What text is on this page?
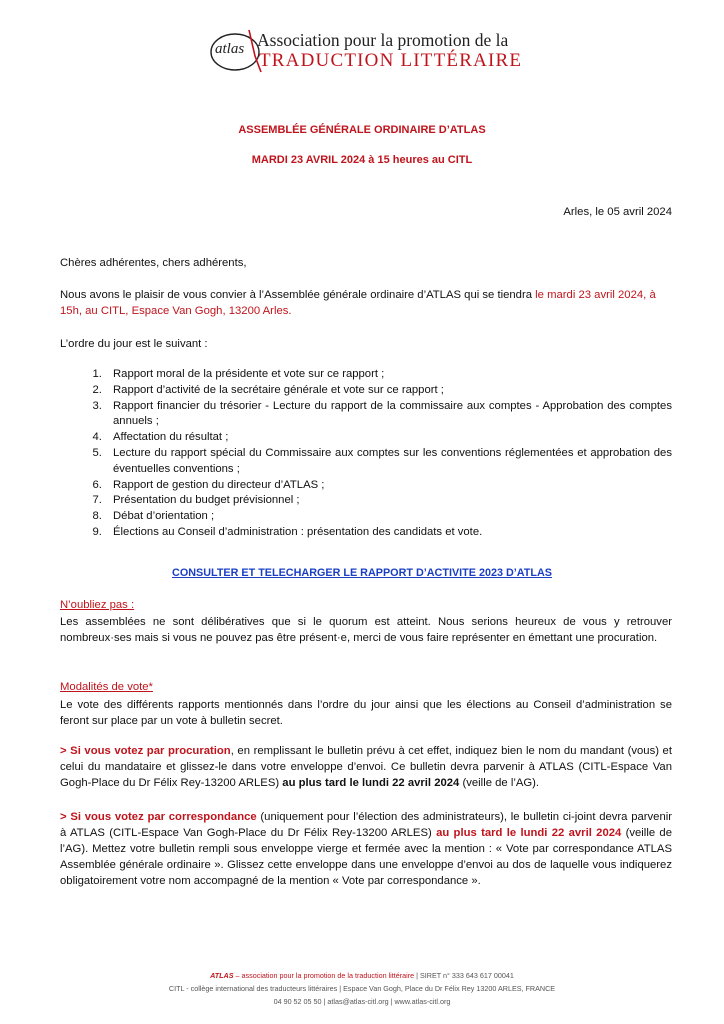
atlas Association pour la promotion de la
TRADUCTION LITTÉRAIRE
ASSEMBLÉE GÉNÉRALE ORDINAIRE D’ATLAS
MARDI 23 AVRIL 2024 à 15 heures au CITL
Arles, le 05 avril 2024
Chères adhérentes, chers adhérents,
Nous avons le plaisir de vous convier à l’Assemblée générale ordinaire d’ATLAS qui se tiendra le mardi 23 avril 2024, à 15h, au CITL, Espace Van Gogh, 13200 Arles.
L’ordre du jour est le suivant :
1. Rapport moral de la présidente et vote sur ce rapport ;
2. Rapport d’activité de la secrétaire générale et vote sur ce rapport ;
3. Rapport financier du trésorier - Lecture du rapport de la commissaire aux comptes - Approbation des comptes annuels ;
4. Affectation du résultat ;
5. Lecture du rapport spécial du Commissaire aux comptes sur les conventions réglementées et approbation des éventuelles conventions ;
6. Rapport de gestion du directeur d’ATLAS ;
7. Présentation du budget prévisionnel ;
8. Débat d’orientation ;
9. Élections au Conseil d’administration : présentation des candidats et vote.
CONSULTER ET TELECHARGER LE RAPPORT D’ACTIVITE 2023 D’ATLAS
N’oubliez pas :
Les assemblées ne sont délibératives que si le quorum est atteint. Nous serions heureux de vous y retrouver nombreux·ses mais si vous ne pouvez pas être présent·e, merci de vous faire représenter en émettant une procuration.
Modalités de vote*
Le vote des différents rapports mentionnés dans l’ordre du jour ainsi que les élections au Conseil d’administration se feront sur place par un vote à bulletin secret.
> Si vous votez par procuration, en remplissant le bulletin prévu à cet effet, indiquez bien le nom du mandant (vous) et celui du mandataire et glissez-le dans votre enveloppe d’envoi. Ce bulletin devra parvenir à ATLAS (CITL-Espace Van Gogh-Place du Dr Félix Rey-13200 ARLES) au plus tard le lundi 22 avril 2024 (veille de l’AG).
> Si vous votez par correspondance (uniquement pour l’élection des administrateurs), le bulletin ci-joint devra parvenir à ATLAS (CITL-Espace Van Gogh-Place du Dr Félix Rey-13200 ARLES) au plus tard le lundi 22 avril 2024 (veille de l’AG). Mettez votre bulletin rempli sous enveloppe vierge et fermée avec la mention : « Vote par correspondance ATLAS Assemblée générale ordinaire ». Glissez cette enveloppe dans une enveloppe d’envoi au dos de laquelle vous indiquerez obligatoirement votre nom accompagné de la mention « Vote par correspondance ».
ATLAS – association pour la promotion de la traduction littéraire | SIRET n° 333 643 617 00041
CITL - collège international des traducteurs littéraires | Espace Van Gogh, Place du Dr Félix Rey 13200 ARLES, FRANCE
04 90 52 05 50 | atlas@atlas-citl.org | www.atlas-citl.org
